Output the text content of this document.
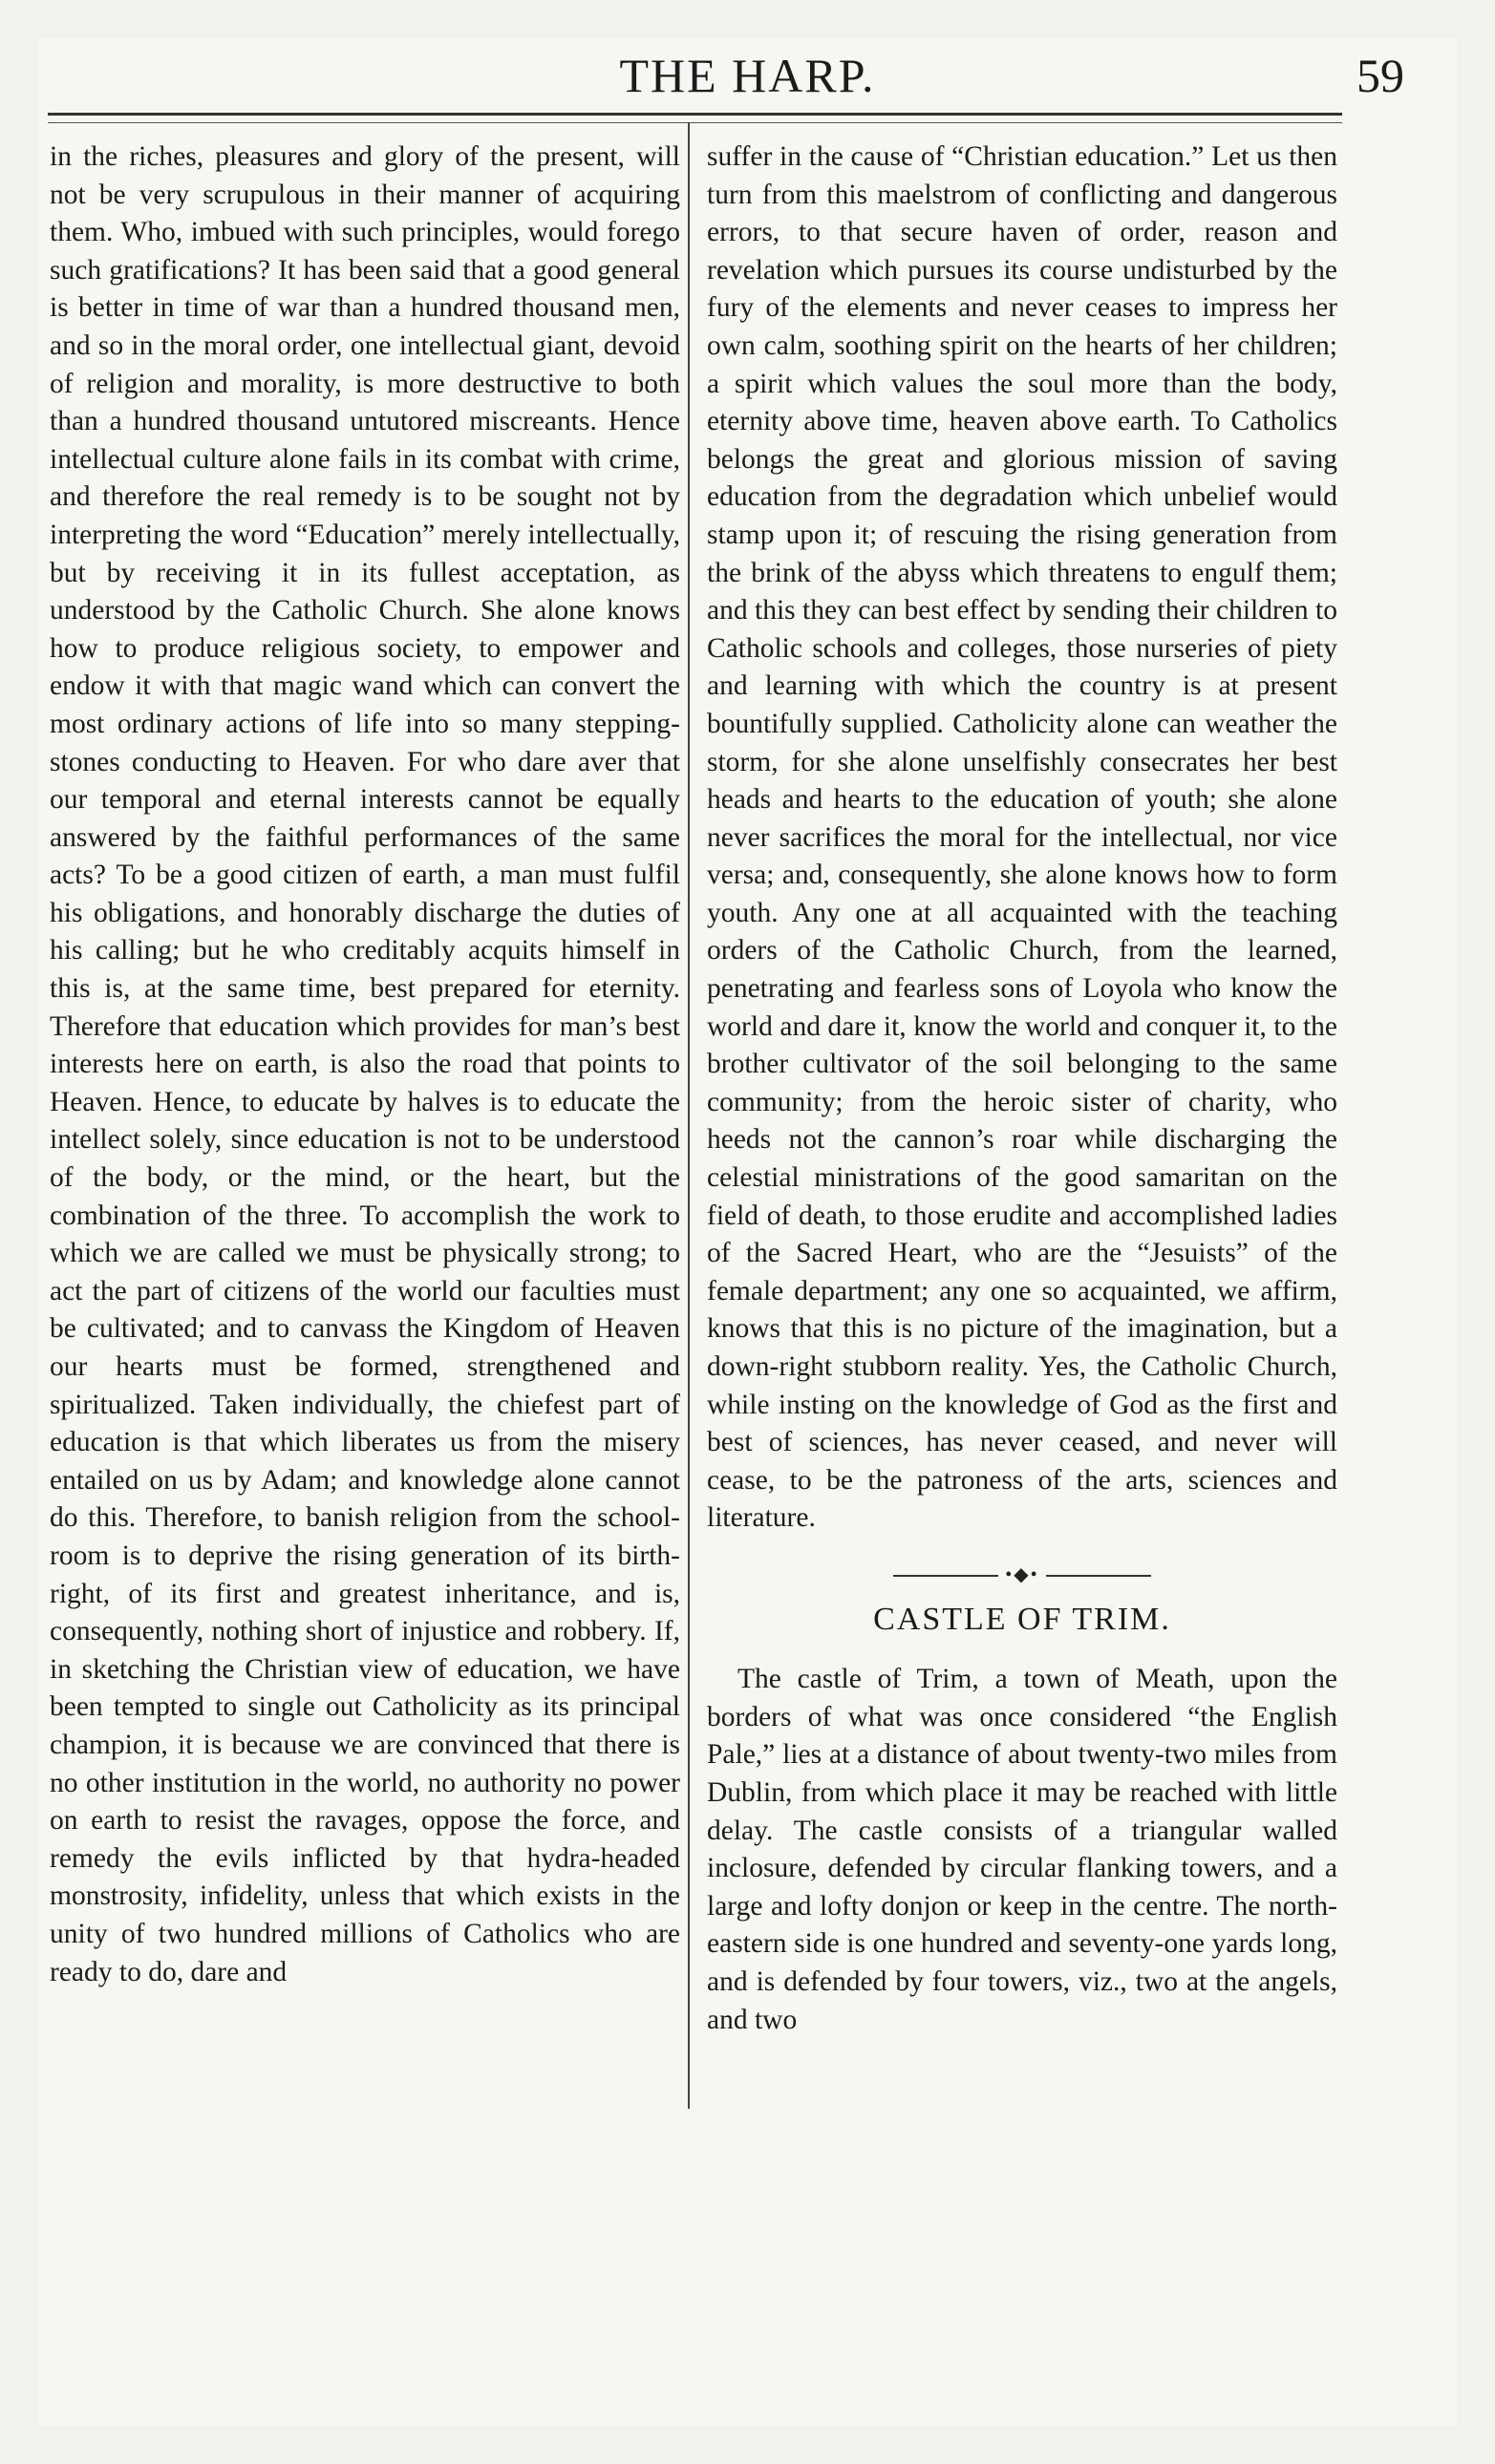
THE HARP.	59

in the riches, pleasures and glory of the present, will not be very scrupulous in their manner of acquiring them. Who, imbued with such principles, would forego such gratifications? It has been said that a good general is better in time of war than a hundred thousand men, and so in the moral order, one intellectual giant, devoid of religion and morality, is more destructive to both than a hundred thousand untutored miscreants. Hence intellectual culture alone fails in its combat with crime, and therefore the real remedy is to be sought not by interpreting the word “Education” merely intellectually, but by receiving it in its fullest acceptation, as understood by the Catholic Church. She alone knows how to produce religious society, to empower and endow it with that magic wand which can convert the most ordinary actions of life into so many stepping-stones conducting to Heaven. For who dare aver that our temporal and eternal interests cannot be equally answered by the faithful performances of the same acts? To be a good citizen of earth, a man must fulfil his obligations, and honorably discharge the duties of his calling; but he who creditably acquits himself in this is, at the same time, best prepared for eternity. Therefore that education which provides for man’s best interests here on earth, is also the road that points to Heaven. Hence, to educate by halves is to educate the intellect solely, since education is not to be understood of the body, or the mind, or the heart, but the combination of the three. To accomplish the work to which we are called we must be physically strong; to act the part of citizens of the world our faculties must be cultivated; and to canvass the Kingdom of Heaven our hearts must be formed, strengthened and spiritualized. Taken individually, the chiefest part of education is that which liberates us from the misery entailed on us by Adam; and knowledge alone cannot do this. Therefore, to banish religion from the school-room is to deprive the rising generation of its birth-right, of its first and greatest inheritance, and is, consequently, nothing short of injustice and robbery. If, in sketching the Christian view of education, we have been tempted to single out Catholicity as its principal champion, it is because we are convinced that there is no other institution in the world, no authority no power on earth to resist the ravages, oppose the force, and remedy the evils inflicted by that hydra-headed monstrosity, infidelity, unless that which exists in the unity of two hundred millions of Catholics who are ready to do, dare and

suffer in the cause of “Christian education.” Let us then turn from this maelstrom of conflicting and dangerous errors, to that secure haven of order, reason and revelation which pursues its course undisturbed by the fury of the elements and never ceases to impress her own calm, soothing spirit on the hearts of her children; a spirit which values the soul more than the body, eternity above time, heaven above earth. To Catholics belongs the great and glorious mission of saving education from the degradation which unbelief would stamp upon it; of rescuing the rising generation from the brink of the abyss which threatens to engulf them; and this they can best effect by sending their children to Catholic schools and colleges, those nurseries of piety and learning with which the country is at present bountifully supplied. Catholicity alone can weather the storm, for she alone unselfishly consecrates her best heads and hearts to the education of youth; she alone never sacrifices the moral for the intellectual, nor vice versa; and, consequently, she alone knows how to form youth. Any one at all acquainted with the teaching orders of the Catholic Church, from the learned, penetrating and fearless sons of Loyola who know the world and dare it, know the world and conquer it, to the brother cultivator of the soil belonging to the same community; from the heroic sister of charity, who heeds not the cannon’s roar while discharging the celestial ministrations of the good samaritan on the field of death, to those erudite and accomplished ladies of the Sacred Heart, who are the “Jesuists” of the female department; any one so acquainted, we affirm, knows that this is no picture of the imagination, but a down-right stubborn reality. Yes, the Catholic Church, while insting on the knowledge of God as the first and best of sciences, has never ceased, and never will cease, to be the patroness of the arts, sciences and literature.

•◆•
CASTLE OF TRIM.

The castle of Trim, a town of Meath, upon the borders of what was once considered “the English Pale,” lies at a distance of about twenty-two miles from Dublin, from which place it may be reached with little delay. The castle consists of a triangular walled inclosure, defended by circular flanking towers, and a large and lofty donjon or keep in the centre. The north-eastern side is one hundred and seventy-one yards long, and is defended by four towers, viz., two at the angels, and two
